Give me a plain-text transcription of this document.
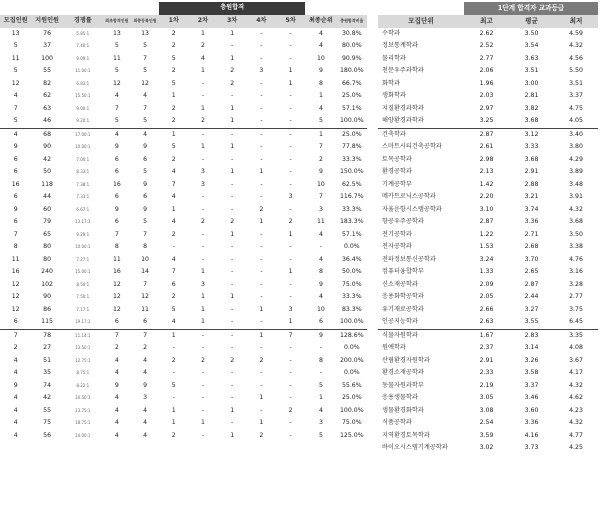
					충원합격						
모집인원	지원인원	경쟁률	최초합격인원	최종등록인원	1차	2차	3차	4차	5차	최종순위	충원합격비율
13	76	5.85:1	13	13	2	1	1	-	-	4	30.8%
5	37	7.40:1	5	5	2	2	-	-	-	4	80.0%
11	100	9.09:1	11	7	5	4	1	-	-	10	90.9%
5	55	11.00:1	5	5	2	1	2	3	1	9	180.0%
12	82	6.83:1	12	12	5	-	2	-	1	8	66.7%
4	62	15.50:1	4	4	1	-	-	-	-	1	25.0%
7	63	9.00:1	7	7	2	1	1	-	-	4	57.1%
5	46	9.20:1	5	5	2	2	1	-	-	5	100.0%
4	68	17.00:1	4	4	1	-	-	-	-	1	25.0%
9	90	10.00:1	9	9	5	1	1	-	-	7	77.8%
6	42	7.00:1	6	6	2	-	-	-	-	2	33.3%
6	50	8.33:1	6	5	4	3	1	1	-	9	150.0%
16	118	7.38:1	16	9	7	3	-	-	-	10	62.5%
6	44	7.33:1	6	6	4	-	-	-	3	7	116.7%
9	60	6.67:1	9	9	1	-	-	2	-	3	33.3%
6	79	13.17:1	6	5	4	2	2	1	2	11	183.3%
7	65	9.29:1	7	7	2	-	1	-	1	4	57.1%
8	80	10.00:1	8	8	-	-	-	-	-	-	0.0%
11	80	7.27:1	11	10	4	-	-	-	-	4	36.4%
16	240	15.00:1	16	14	7	1	-	-	1	8	50.0%
12	102	8.50:1	12	7	6	3	-	-	-	9	75.0%
12	90	7.50:1	12	12	2	1	1	-	-	4	33.3%
12	86	7.17:1	12	11	5	1	-	1	3	10	83.3%
6	115	19.17:1	6	6	4	1	-	-	1	6	100.0%
7	78	11.14:1	7	7	1	-	-	1	7	9	128.6%
2	27	13.50:1	2	2	-	-	-	-	-	-	0.0%
4	51	12.75:1	4	4	2	2	2	2	-	8	200.0%
4	35	8.75:1	4	4	-	-	-	-	-	-	0.0%
9	74	8.22:1	9	9	5	-	-	-	-	5	55.6%
4	42	10.50:1	4	3	-	-	-	1	-	1	25.0%
4	55	13.75:1	4	4	1	-	1	-	2	4	100.0%
4	75	18.75:1	4	4	1	1	-	1	-	3	75.0%
4	56	14.00:1	4	4	2	-	1	2	-	5	125.0%
	1단계 합격자 교과등급		
모집단위	최고	평균	최저
수학과	2.62	3.50	4.59
정보통계학과	2.52	3.54	4.32
물리학과	2.77	3.63	4.56
천문우주과학과	2.06	3.51	5.50
화학과	1.96	3.00	3.51
생화학과	2.03	2.81	3.37
지질환경과학과	2.97	3.82	4.75
해양환경과학과	3.25	3.68	4.05
건축학과	2.87	3.12	3.40
스마트시티건축공학과	2.61	3.33	3.80
토목공학과	2.98	3.68	4.29
환경공학과	2.13	2.91	3.89
기계공학부	1.42	2.88	3.48
메카트로닉스공학과	2.20	3.21	3.91
자율운항시스템공학과	3.10	3.74	4.32
항공우주공학과	2.87	3.36	3.68
전기공학과	1.22	2.71	3.50
전자공학과	1.53	2.68	3.38
전파정보통신공학과	3.24	3.70	4.76
컴퓨터융합학부	1.33	2.65	3.16
신소재공학과	2.09	2.87	3.28
응용화학공학과	2.05	2.44	2.77
유기재료공학과	2.66	3.27	3.75
인공지능학과	2.63	3.55	6.45
식물자원학과	1.67	2.83	3.35
원예학과	2.37	3.14	4.08
산림환경자원학과	2.91	3.26	3.67
환경소재공학과	2.33	3.58	4.17
동물자원과학부	2.19	3.37	4.32
응용생물학과	3.05	3.46	4.62
생물환경화학과	3.08	3.60	4.23
식품공학과	2.54	3.36	4.32
지역환경토목학과	3.59	4.16	4.77
바이오시스템기계공학과	3.02	3.73	4.25
